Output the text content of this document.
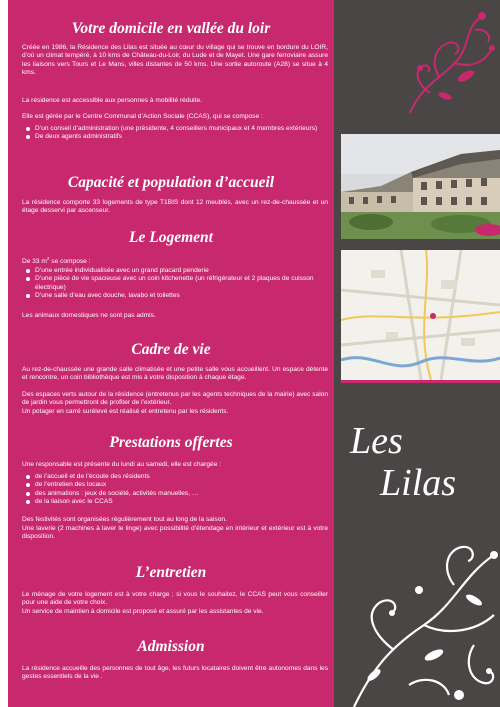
Votre domicile en vallée du loir

Créée en 1986, la Résidence des Lilas est située au cœur du village qui se trouve en bordure du LOIR, d’où un climat tempéré, à 10 kms de Château-du-Loir, du Lude et de Mayet. Une gare ferroviaire assure les liaisons vers Tours et Le Mans, villes distantes de 50 kms. Une sortie autoroute (A28) se situe à 4 kms.

La résidence est accessible aux personnes à mobilité réduite.

Elle est gérée par le Centre Communal d’Action Sociale (CCAS), qui se compose :

D’un conseil d’administration (une présidente, 4 conseillers municipaux et 4 membres extérieurs)
De deux agents administratifs
Capacité et population d’accueil

La résidence comporte 33 logements de type T1BIS dont 12 meublés, avec un rez-de-chaussée et un étage desservi par ascenseur.

Le Logement

De 33 $m^2$ se compose :

D’une entrée individualisée avec un grand placard penderie
D’une pièce de vie spacieuse avec un coin kitchenette (un réfrigérateur et 2 plaques de cuisson électrique)
D’une salle d’eau avec douche, lavabo et toilettes

Les animaux domestiques ne sont pas admis.

Cadre de vie

Au rez-de-chaussée une grande salle climatisée et une petite salle vous accueillent. Un espace détente et rencontre, un coin bibliothèque est mis à votre disposition à chaque étage.

Des espaces verts autour de la résidence (entretenus par les agents techniques de la mairie) avec salon de jardin vous permettront de profiter de l’extérieur.

Un potager en carré surélevé est réalisé et entretenu par les résidents.

Prestations offertes

Une responsable est présente du lundi au samedi, elle est chargée :

de l’accueil et de l’écoute des résidents
de l’entretien des locaux
des animations : jeux de société, activités manuelles, …
de la liaison avec le CCAS

Des festivités sont organisées régulièrement tout au long de la saison.

Une laverie (2 machines à laver le linge) avec possibilité d’étendage en intérieur et extérieur est à votre disposition.

L’entretien

Le ménage de votre logement est à votre charge ; si vous le souhaitez, le CCAS peut vous conseiller pour une aide de votre choix.

Un service de maintien à domicile est proposé et assuré par les assistantes de vie.

Admission

La résidence accueille des personnes de tout âge, les futurs locataires doivent être autonomes dans les gestes essentiels de la vie .

Les

Lilas
